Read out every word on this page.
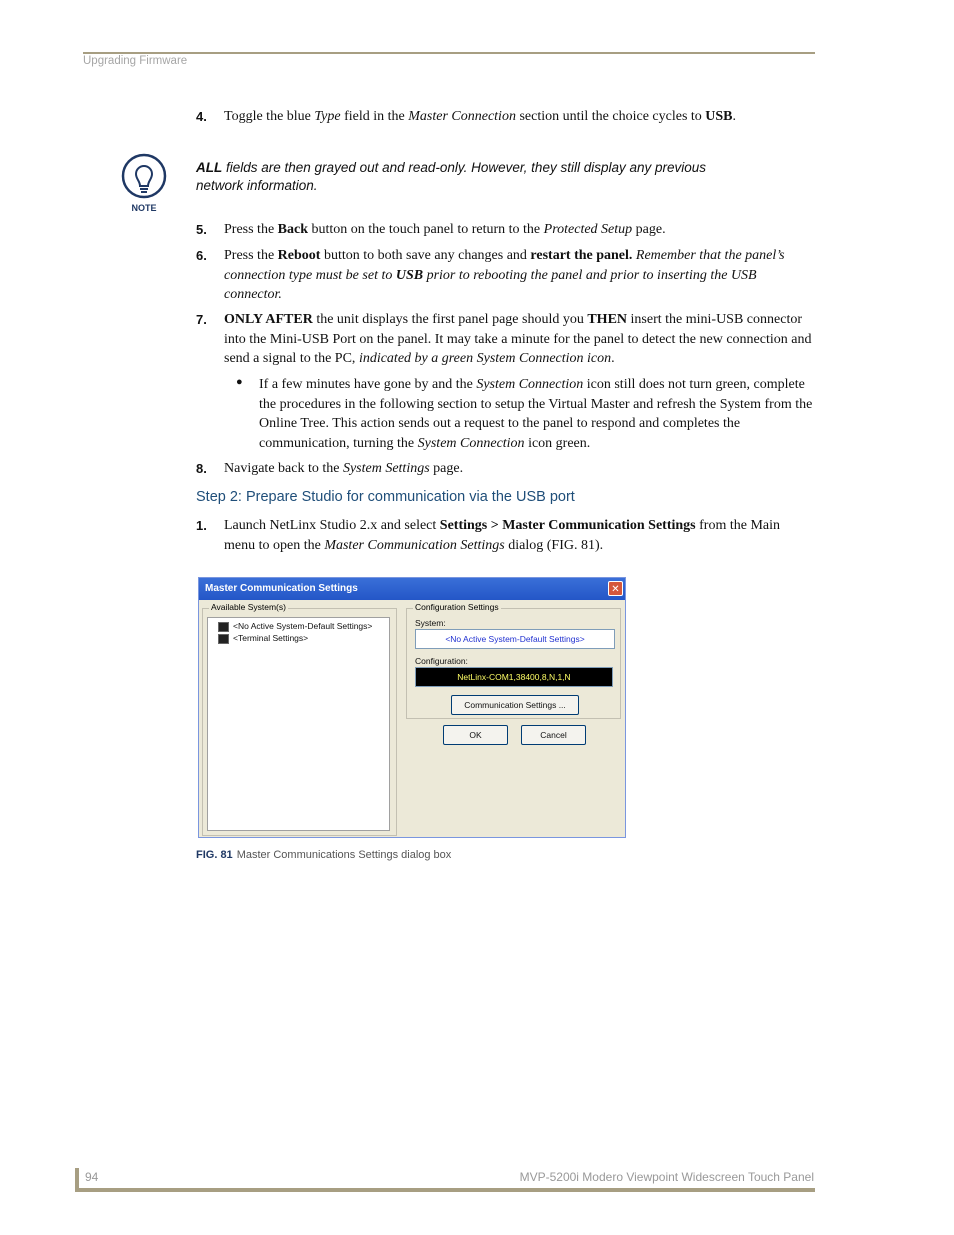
Upgrading Firmware
4. Toggle the blue Type field in the Master Connection section until the choice cycles to USB.
NOTE
ALL fields are then grayed out and read-only. However, they still display any previous network information.
5. Press the Back button on the touch panel to return to the Protected Setup page.
6. Press the Reboot button to both save any changes and restart the panel. Remember that the panel’s connection type must be set to USB prior to rebooting the panel and prior to inserting the USB connector.
7. ONLY AFTER the unit displays the first panel page should you THEN insert the mini-USB connector into the Mini-USB Port on the panel. It may take a minute for the panel to detect the new connection and send a signal to the PC, indicated by a green System Connection icon.
● If a few minutes have gone by and the System Connection icon still does not turn green, complete the procedures in the following section to setup the Virtual Master and refresh the System from the Online Tree. This action sends out a request to the panel to respond and completes the communication, turning the System Connection icon green.
8. Navigate back to the System Settings page.
Step 2: Prepare Studio for communication via the USB port
1. Launch NetLinx Studio 2.x and select Settings > Master Communication Settings from the Main menu to open the Master Communication Settings dialog (FIG. 81).
Master Communication Settings	✕
Available System(s)
<No Active System-Default Settings>
<Terminal Settings>
Configuration Settings
System:
<No Active System-Default Settings>
Configuration:
NetLinx-COM1,38400,8,N,1,N
Communication Settings ...
OK	Cancel
FIG. 81 Master Communications Settings dialog box
94	MVP-5200i Modero Viewpoint Widescreen Touch Panel
